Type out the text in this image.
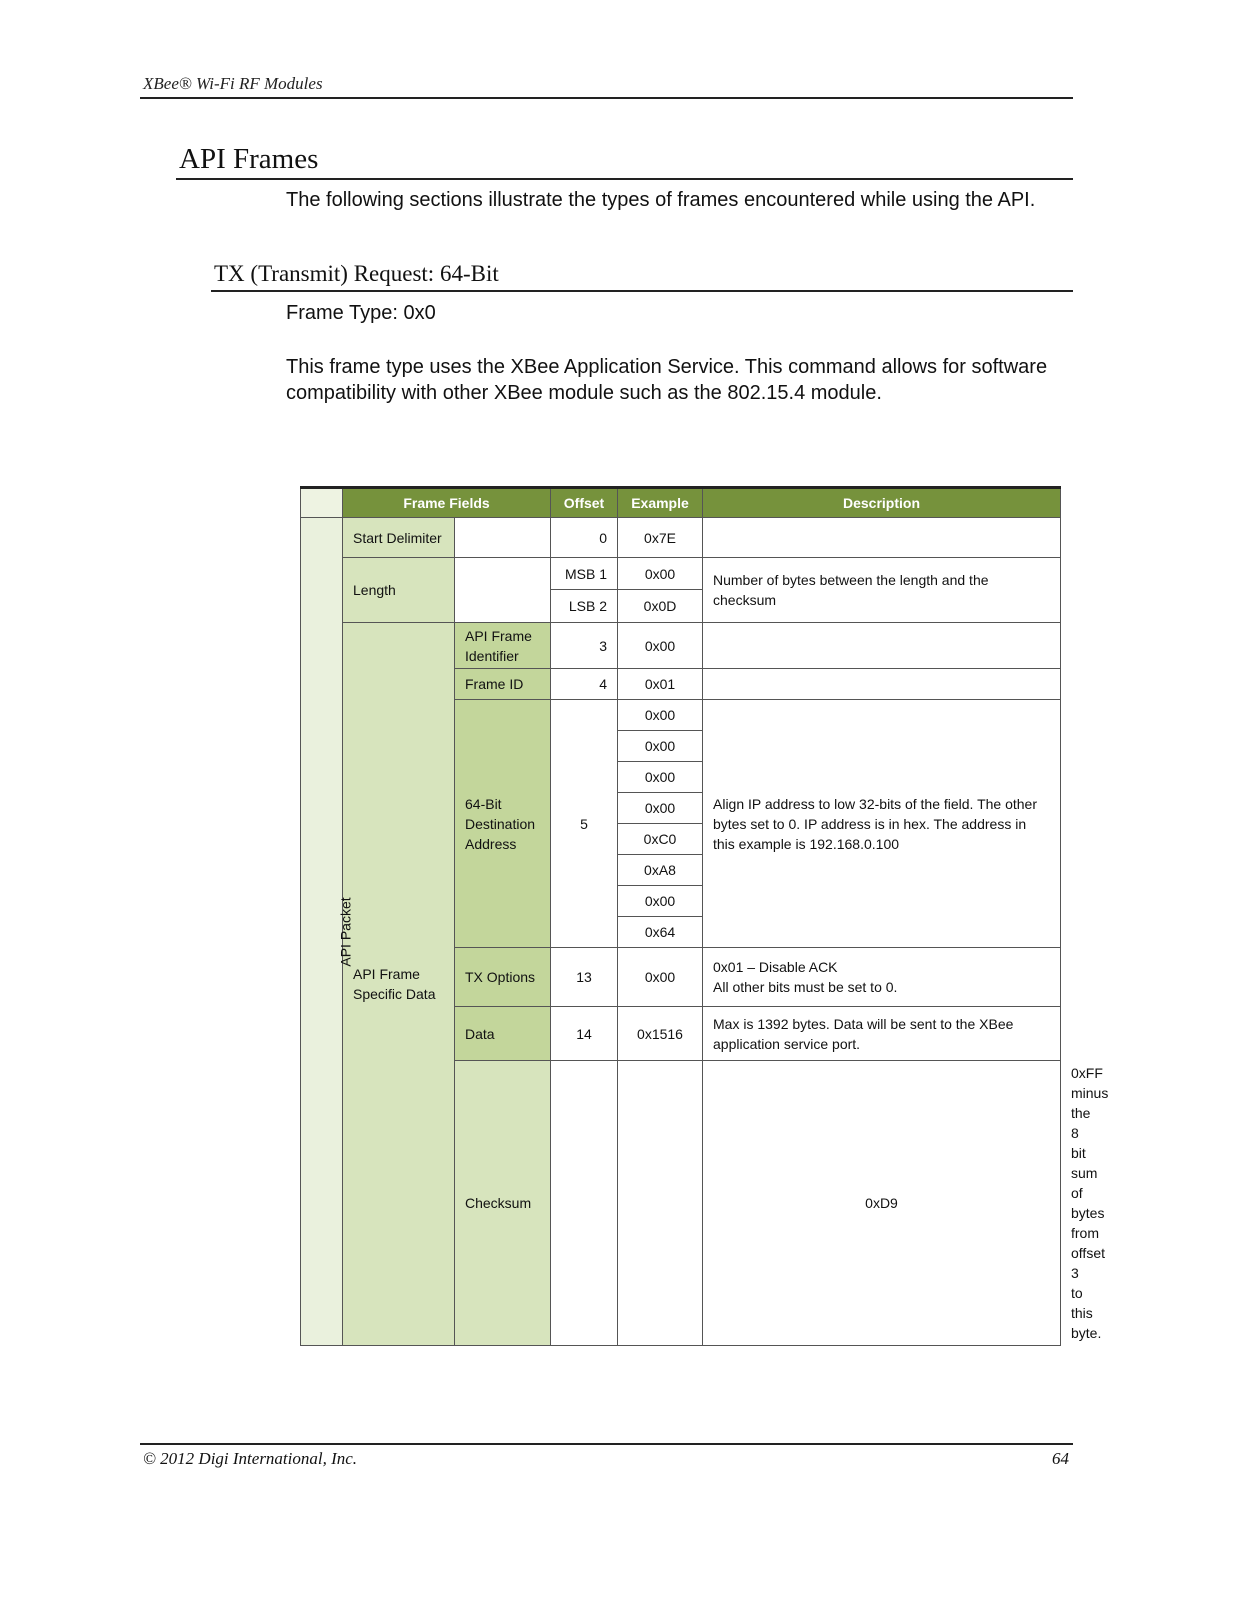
XBee® Wi-Fi RF Modules
API Frames
The following sections illustrate the types of frames encountered while using the API.
TX (Transmit) Request: 64-Bit
Frame Type: 0x0
This frame type uses the XBee Application Service. This command allows for software compatibility with other XBee module such as the 802.15.4 module.
	Frame Fields		Offset	Example	Description	
API Packet	Start Delimiter		0	0x7E		
	Length		MSB 1	0x00	Number of bytes between the length and the checksum	
			LSB 2	0x0D		
	API Frame Specific Data	API Frame Identifier	3	0x00		
		Frame ID	4	0x01		
		64-Bit Destination Address	5	0x00	Align IP address to low 32-bits of the field. The other bytes set to 0. IP address is in hex. The address in this example is 192.168.0.100	
				0x00		
				0x00		
				0x00		
				0xC0		
				0xA8		
				0x00		
				0x64		
		TX Options	13	0x00	0x01 – Disable ACK
All other bits must be set to 0.	

		Data	14	0x1516	Max is 1392 bytes. Data will be sent to the XBee application service port.	
		Checksum			0xD9	0xFF minus the 8 bit sum of bytes from offset 3 to this byte.
© 2012 Digi International, Inc.	64
